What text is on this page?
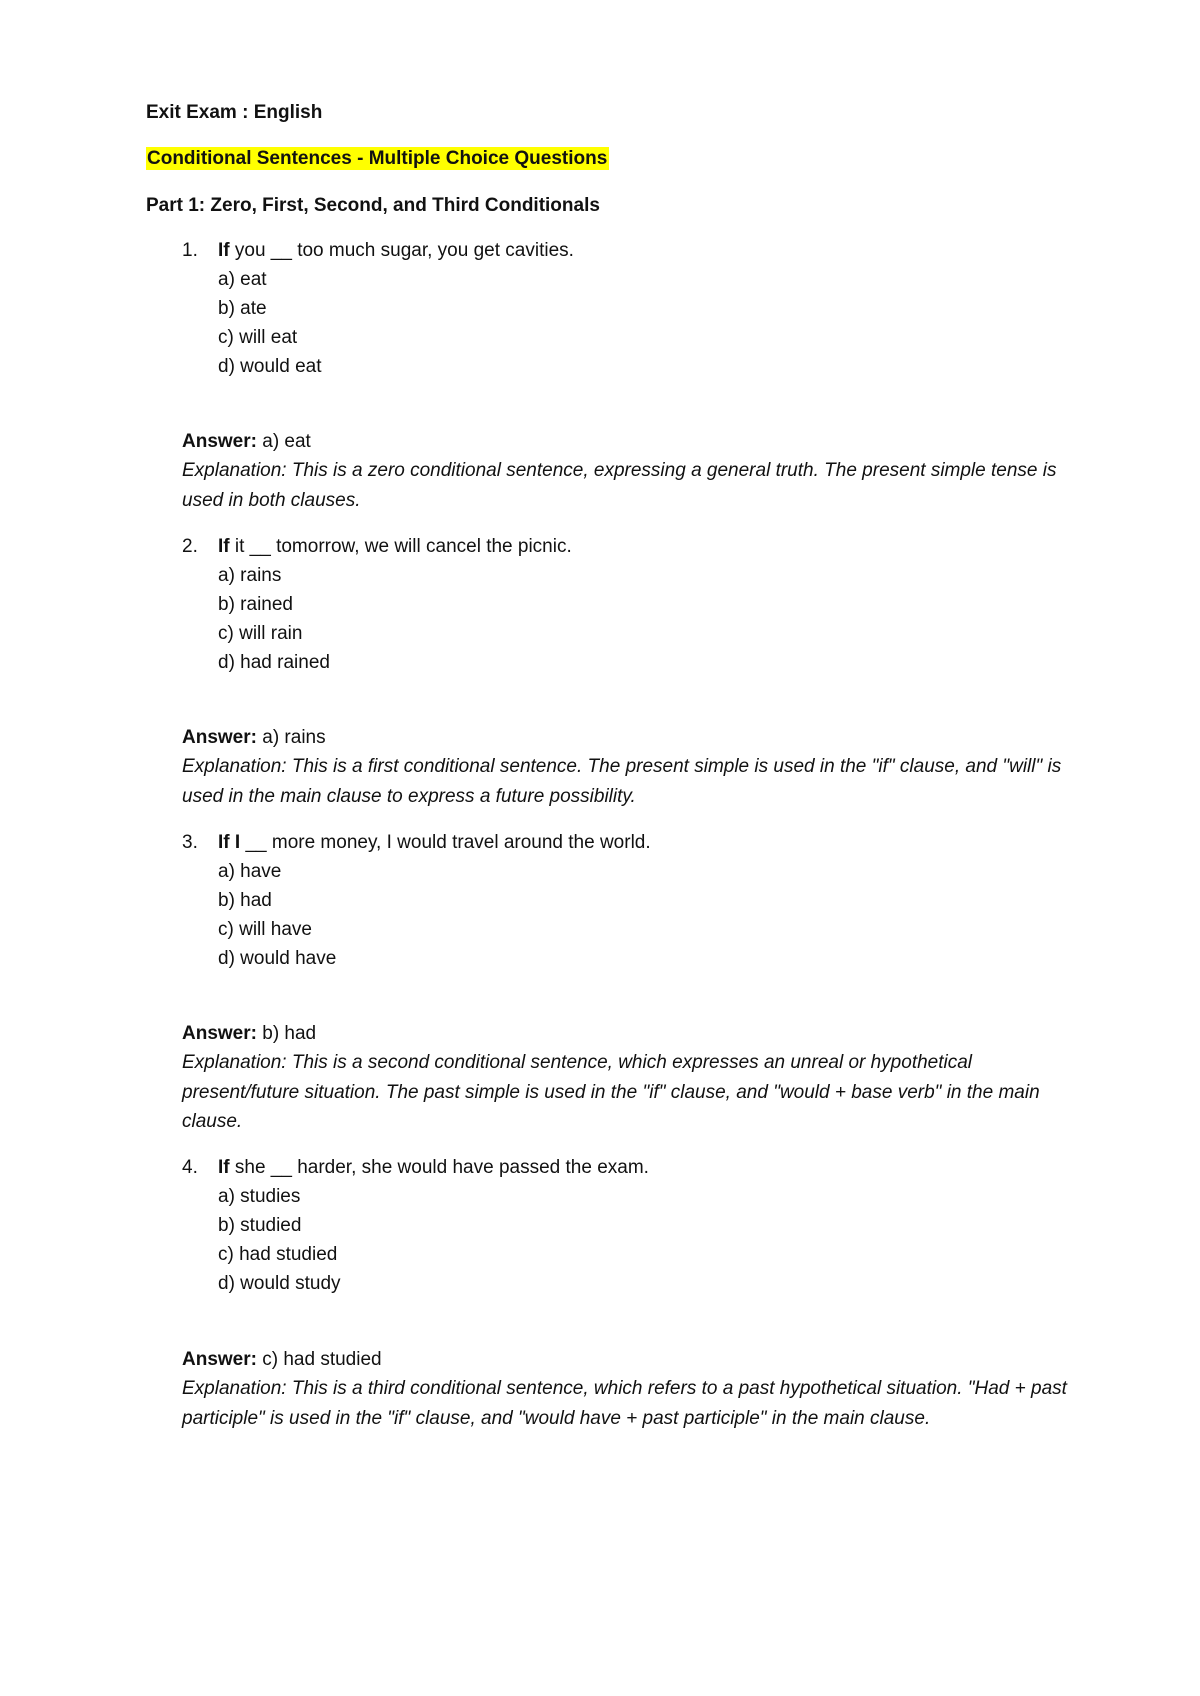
Exit Exam : English
Conditional Sentences - Multiple Choice Questions
Part 1: Zero, First, Second, and Third Conditionals
1. If you __ too much sugar, you get cavities.
a) eat
b) ate
c) will eat
d) would eat
Answer: a) eat
Explanation: This is a zero conditional sentence, expressing a general truth. The present simple tense is used in both clauses.
2. If it __ tomorrow, we will cancel the picnic.
a) rains
b) rained
c) will rain
d) had rained
Answer: a) rains
Explanation: This is a first conditional sentence. The present simple is used in the "if" clause, and "will" is used in the main clause to express a future possibility.
3. If I __ more money, I would travel around the world.
a) have
b) had
c) will have
d) would have
Answer: b) had
Explanation: This is a second conditional sentence, which expresses an unreal or hypothetical present/future situation. The past simple is used in the "if" clause, and "would + base verb" in the main clause.
4. If she __ harder, she would have passed the exam.
a) studies
b) studied
c) had studied
d) would study
Answer: c) had studied
Explanation: This is a third conditional sentence, which refers to a past hypothetical situation. "Had + past participle" is used in the "if" clause, and "would have + past participle" in the main clause.
